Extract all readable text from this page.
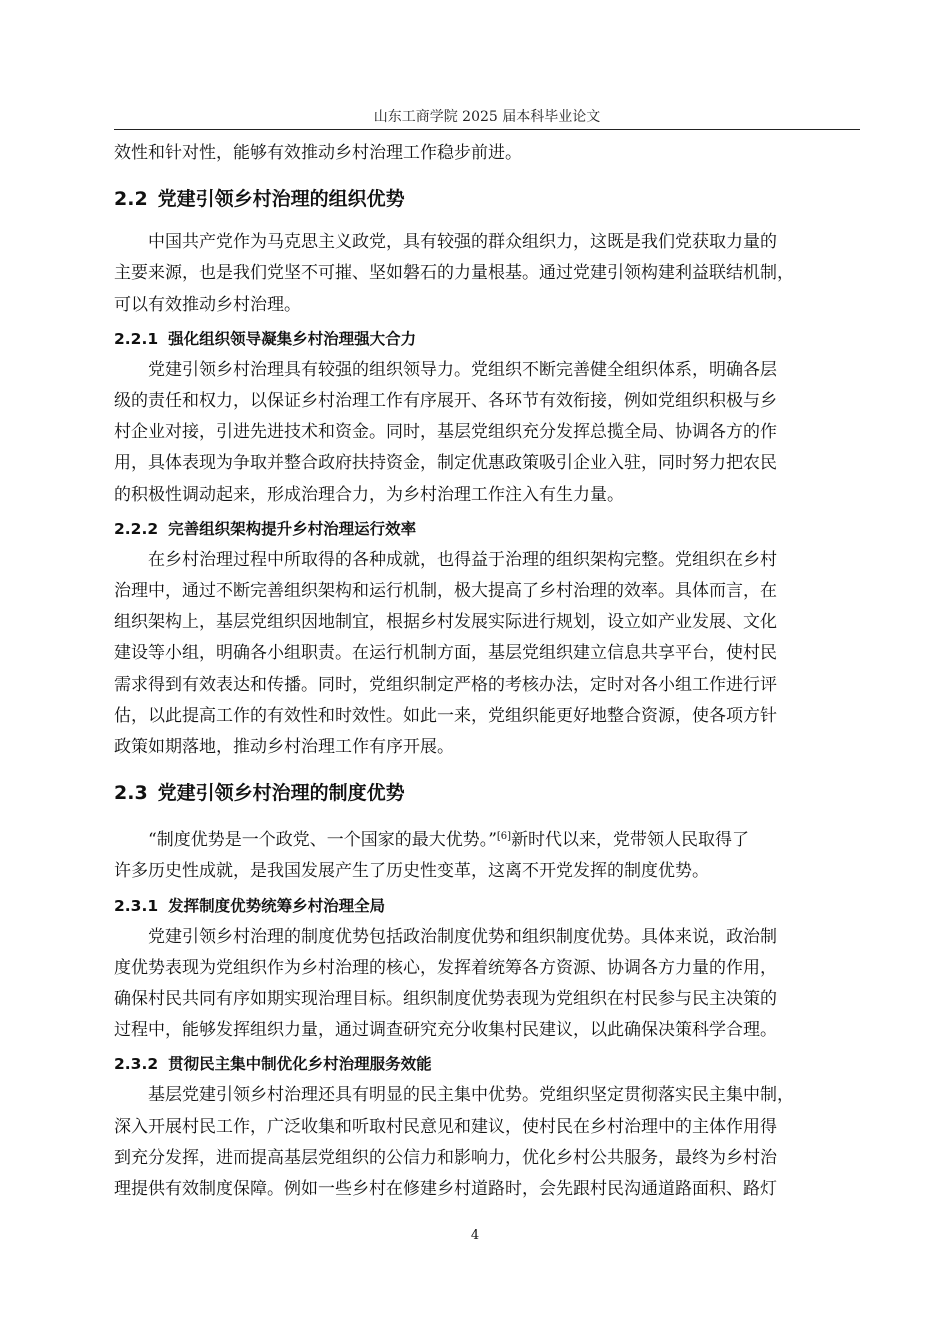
山东工商学院 2025 届本科毕业论文
效性和针对性，能够有效推动乡村治理工作稳步前进。
2.2 党建引领乡村治理的组织优势
　　中国共产党作为马克思主义政党，具有较强的群众组织力，这既是我们党获取力量的
主要来源，也是我们党坚不可摧、坚如磐石的力量根基。通过党建引领构建利益联结机制，
可以有效推动乡村治理。
2.2.1 强化组织领导凝集乡村治理强大合力
　　党建引领乡村治理具有较强的组织领导力。党组织不断完善健全组织体系，明确各层
级的责任和权力，以保证乡村治理工作有序展开、各环节有效衔接，例如党组织积极与乡
村企业对接，引进先进技术和资金。同时，基层党组织充分发挥总揽全局、协调各方的作
用，具体表现为争取并整合政府扶持资金，制定优惠政策吸引企业入驻，同时努力把农民
的积极性调动起来，形成治理合力，为乡村治理工作注入有生力量。
2.2.2 完善组织架构提升乡村治理运行效率
　　在乡村治理过程中所取得的各种成就，也得益于治理的组织架构完整。党组织在乡村
治理中，通过不断完善组织架构和运行机制，极大提高了乡村治理的效率。具体而言，在
组织架构上，基层党组织因地制宜，根据乡村发展实际进行规划，设立如产业发展、文化
建设等小组，明确各小组职责。在运行机制方面，基层党组织建立信息共享平台，使村民
需求得到有效表达和传播。同时，党组织制定严格的考核办法，定时对各小组工作进行评
估，以此提高工作的有效性和时效性。如此一来，党组织能更好地整合资源，使各项方针
政策如期落地，推动乡村治理工作有序开展。
2.3 党建引领乡村治理的制度优势
　　“制度优势是一个政党、一个国家的最大优势。”[6]新时代以来，党带领人民取得了
许多历史性成就，是我国发展产生了历史性变革，这离不开党发挥的制度优势。
2.3.1 发挥制度优势统筹乡村治理全局
　　党建引领乡村治理的制度优势包括政治制度优势和组织制度优势。具体来说，政治制
度优势表现为党组织作为乡村治理的核心，发挥着统筹各方资源、协调各方力量的作用，
确保村民共同有序如期实现治理目标。组织制度优势表现为党组织在村民参与民主决策的
过程中，能够发挥组织力量，通过调查研究充分收集村民建议，以此确保决策科学合理。
2.3.2 贯彻民主集中制优化乡村治理服务效能
　　基层党建引领乡村治理还具有明显的民主集中优势。党组织坚定贯彻落实民主集中制，
深入开展村民工作，广泛收集和听取村民意见和建议，使村民在乡村治理中的主体作用得
到充分发挥，进而提高基层党组织的公信力和影响力，优化乡村公共服务，最终为乡村治
理提供有效制度保障。例如一些乡村在修建乡村道路时，会先跟村民沟通道路面积、路灯
4
